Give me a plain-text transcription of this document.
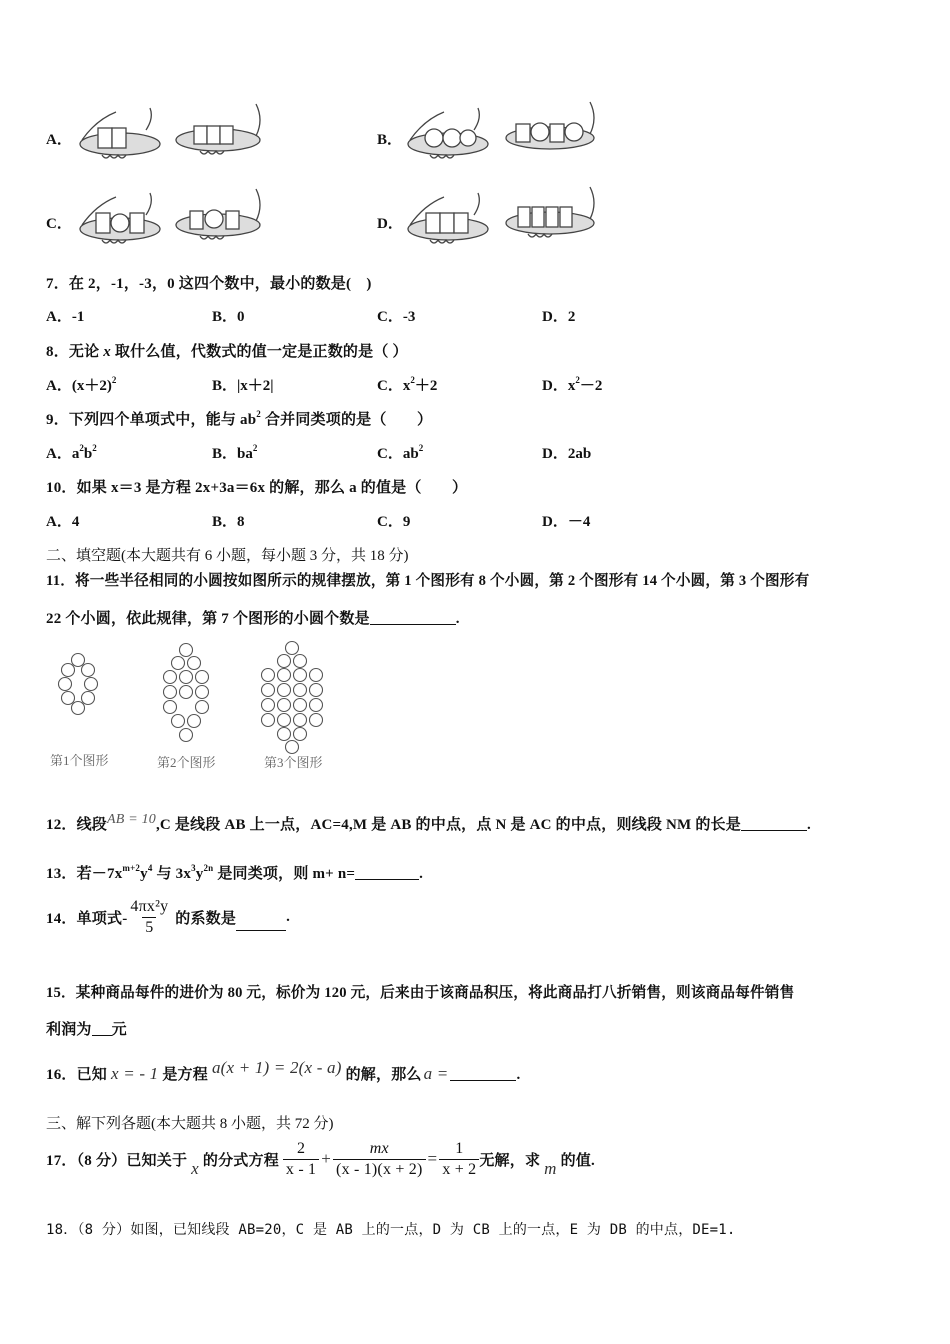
A．	B．
C．	D．
7．在 2，-1，-3，0 这四个数中，最小的数是(　)
A．-1	B．0	C．-3	D．2
8．无论 x 取什么值，代数式的值一定是正数的是（ ）
A．$(x+2)^2$	B．|x＋2|	C．$x^2+2$	D．$x^2-2$
9．下列四个单项式中，能与 $ab^2$ 合并同类项的是（　　）
A．$a^2b^2$	B．$ba^2$	C．$ab^2$	D．2ab
10．如果 x＝3 是方程 2x+3a＝6x 的解，那么 a 的值是（　　）
A．4	B．8	C．9	D．－4
二、填空题(本大题共有 6 小题，每小题 3 分，共 18 分)
11．将一些半径相同的小圆按如图所示的规律摆放，第 1 个图形有 8 个小圆，第 2 个图形有 14 个小圆，第 3 个图形有
22 个小圆，依此规律，第 7 个图形的小圆个数是	.
第1个图形	第2个图形	第3个图形
12．线段AB = 10,C 是线段 AB 上一点，AC=4,M 是 AB 的中点，点 N 是 AC 的中点，则线段 NM 的长是	.
13．若$-7x^{m+2}y^4$ 与 $3x^3y^{2n}$ 是同类项，则 m+ n=	.
14．单项式- $\frac{\text{4πx²y}}{5}$ 的系数是	.
15．某种商品每件的进价为 80 元，标价为 120 元，后来由于该商品积压，将此商品打八折销售，则该商品每件销售
利润为 元
16．已知 x = - 1 是方程 a(x + 1) = 2(x - a) 的解，那么 a =	.
三、解下列各题(本大题共 8 小题，共 72 分)
17．（8 分）已知关于 x 的分式方程 $\frac{2}{x - 1} + \frac{mx}{(x - 1)(x + 2)} = \frac{1}{x + 2}$ 无解，求 m 的值.
18．（8 分）如图，已知线段 AB=20，C 是 AB 上的一点，D 为 CB 上的一点，E 为 DB 的中点，DE=1.
